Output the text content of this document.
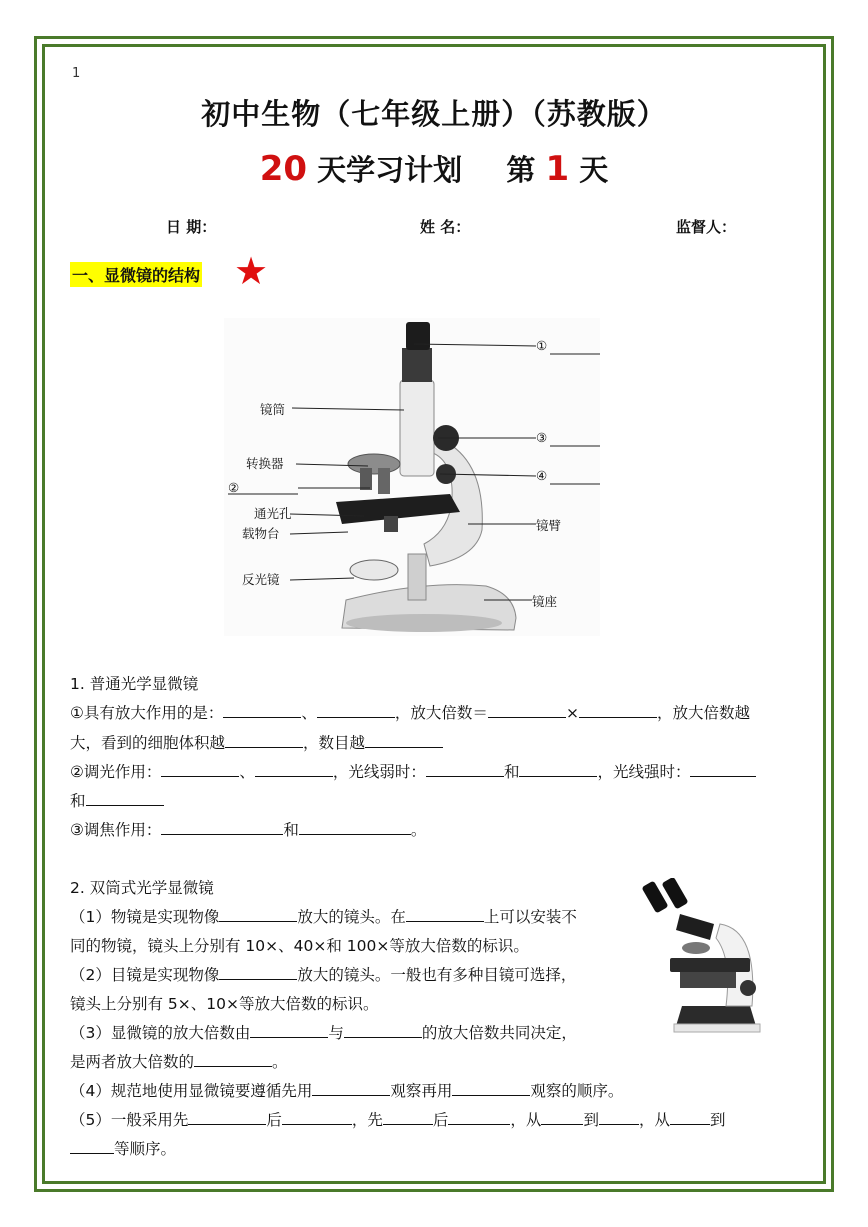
1
初中生物（七年级上册）（苏教版）
20 天学习计划 第 1 天
日 期：	姓 名：	监督人：
一、显微镜的结构 ★
镜筒
转换器
②
通光孔
载物台
反光镜
①
③
④
镜臂
镜座
1. 普通光学显微镜
①具有放大作用的是：	、	，放大倍数＝	×	，放大倍数越
大，看到的细胞体积越	，数目越
②调光作用：	、	，光线弱时：	和	，光线强时：
和
③调焦作用：	和	。
2. 双筒式光学显微镜
（1）物镜是实现物像	放大的镜头。在	上可以安装不
同的物镜，镜头上分别有 10×、40×和 100×等放大倍数的标识。
（2）目镜是实现物像	放大的镜头。一般也有多种目镜可选择，
镜头上分别有 5×、10×等放大倍数的标识。
（3）显微镜的放大倍数由	与	的放大倍数共同决定，
是两者放大倍数的	。
（4）规范地使用显微镜要遵循先用	观察再用	观察的顺序。
（5）一般采用先	后	，先	后	，从	到	，从	到
等顺序。
